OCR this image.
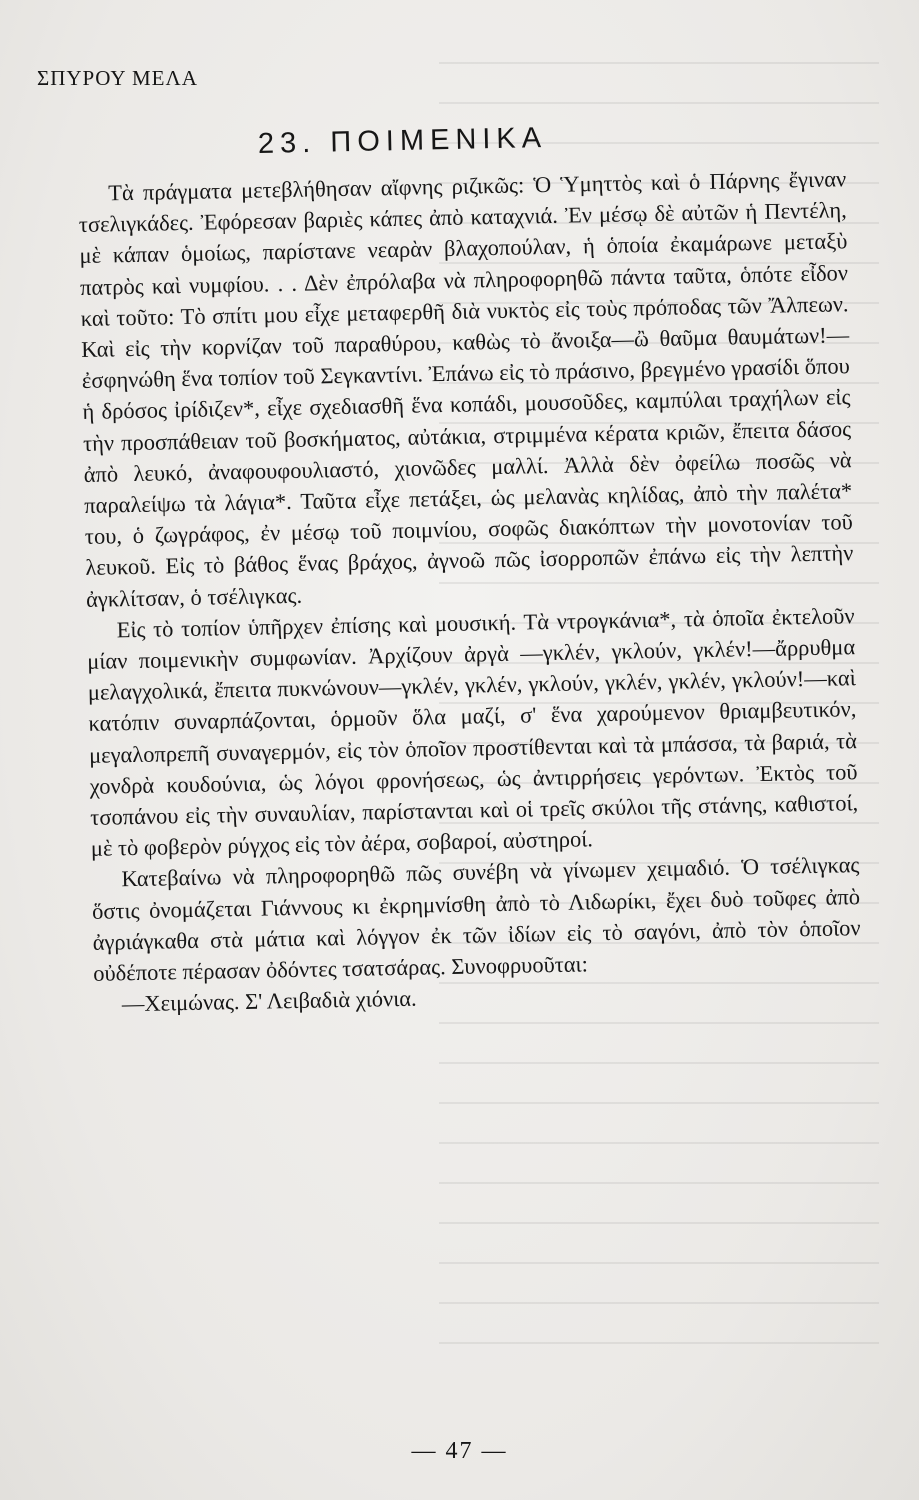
ΣΠΥΡΟΥ ΜΕΛΑ
23. ΠΟΙΜΕΝΙΚΑ

Τὰ πράγματα μετεβλήθησαν αἴφνης ριζικῶς: Ὁ Ὑμηττὸς καὶ ὁ Πάρνης ἔγιναν τσελιγκάδες. Ἐφόρεσαν βαριὲς κάπες ἀπὸ καταχνιά. Ἐν μέσῳ δὲ αὐτῶν ἡ Πεντέλη, μὲ κάπαν ὁμοίως, παρίστανε νεαρὰν βλαχοπούλαν, ἡ ὁποία ἐκαμάρωνε μεταξὺ πατρὸς καὶ νυμφίου. . . Δὲν ἐπρόλαβα νὰ πληροφορηθῶ πάντα ταῦτα, ὁπότε εἶδον καὶ τοῦτο: Τὸ σπίτι μου εἶχε μεταφερθῆ διὰ νυκτὸς εἰς τοὺς πρόποδας τῶν Ἄλπεων. Καὶ εἰς τὴν κορνίζαν τοῦ παραθύρου, καθὼς τὸ ἄνοιξα—ὢ θαῦμα θαυμάτων!—ἐσφηνώθη ἕνα τοπίον τοῦ Σεγκαντίνι. Ἐπάνω εἰς τὸ πράσινο, βρεγμένο γρασίδι ὅπου ἡ δρόσος ἰρίδιζεν*, εἶχε σχεδιασθῆ ἕνα κοπάδι, μουσοῦδες, καμπύλαι τραχήλων εἰς τὴν προσπάθειαν τοῦ βοσκήματος, αὐτάκια, στριμμένα κέρατα κριῶν, ἔπειτα δάσος ἀπὸ λευκό, ἀναφουφουλιαστό, χιονῶδες μαλλί. Ἀλλὰ δὲν ὀφείλω ποσῶς νὰ παραλείψω τὰ λάγια*. Ταῦτα εἶχε πετάξει, ὡς μελανὰς κηλίδας, ἀπὸ τὴν παλέτα* του, ὁ ζωγράφος, ἐν μέσῳ τοῦ ποιμνίου, σοφῶς διακόπτων τὴν μονοτονίαν τοῦ λευκοῦ. Εἰς τὸ βάθος ἕνας βράχος, ἀγνοῶ πῶς ἰσορροπῶν ἐπάνω εἰς τὴν λεπτὴν ἀγκλίτσαν, ὁ τσέλιγκας.

Εἰς τὸ τοπίον ὑπῆρχεν ἐπίσης καὶ μουσική. Τὰ ντρογκάνια*, τὰ ὁποῖα ἐκτελοῦν μίαν ποιμενικὴν συμφωνίαν. Ἀρχίζουν ἀργὰ —γκλέν, γκλούν, γκλέν!—ἄρρυθμα μελαγχολικά, ἔπειτα πυκνώνουν—γκλέν, γκλέν, γκλούν, γκλέν, γκλέν, γκλούν!—καὶ κατόπιν συναρπάζονται, ὁρμοῦν ὅλα μαζί, σ' ἕνα χαρούμενον θριαμβευτικόν, μεγαλοπρεπῆ συναγερμόν, εἰς τὸν ὁποῖον προστίθενται καὶ τὰ μπάσσα, τὰ βαριά, τὰ χονδρὰ κουδούνια, ὡς λόγοι φρονήσεως, ὡς ἀντιρρήσεις γερόντων. Ἐκτὸς τοῦ τσοπάνου εἰς τὴν συναυλίαν, παρίστανται καὶ οἱ τρεῖς σκύλοι τῆς στάνης, καθιστοί, μὲ τὸ φοβερὸν ρύγχος εἰς τὸν ἀέρα, σοβαροί, αὐστηροί.

Κατεβαίνω νὰ πληροφορηθῶ πῶς συνέβη νὰ γίνωμεν χειμαδιό. Ὁ τσέλιγκας ὅστις ὀνομάζεται Γιάννους κι ἐκρημνίσθη ἀπὸ τὸ Λιδωρίκι, ἔχει δυὸ τοῦφες ἀπὸ ἀγριάγκαθα στὰ μάτια καὶ λόγγον ἐκ τῶν ἰδίων εἰς τὸ σαγόνι, ἀπὸ τὸν ὁποῖον οὐδέποτε πέρασαν ὀδόντες τσατσάρας. Συνοφρυοῦται:

—Χειμώνας. Σ' Λειβαδιὰ χιόνια.

— 47 —
